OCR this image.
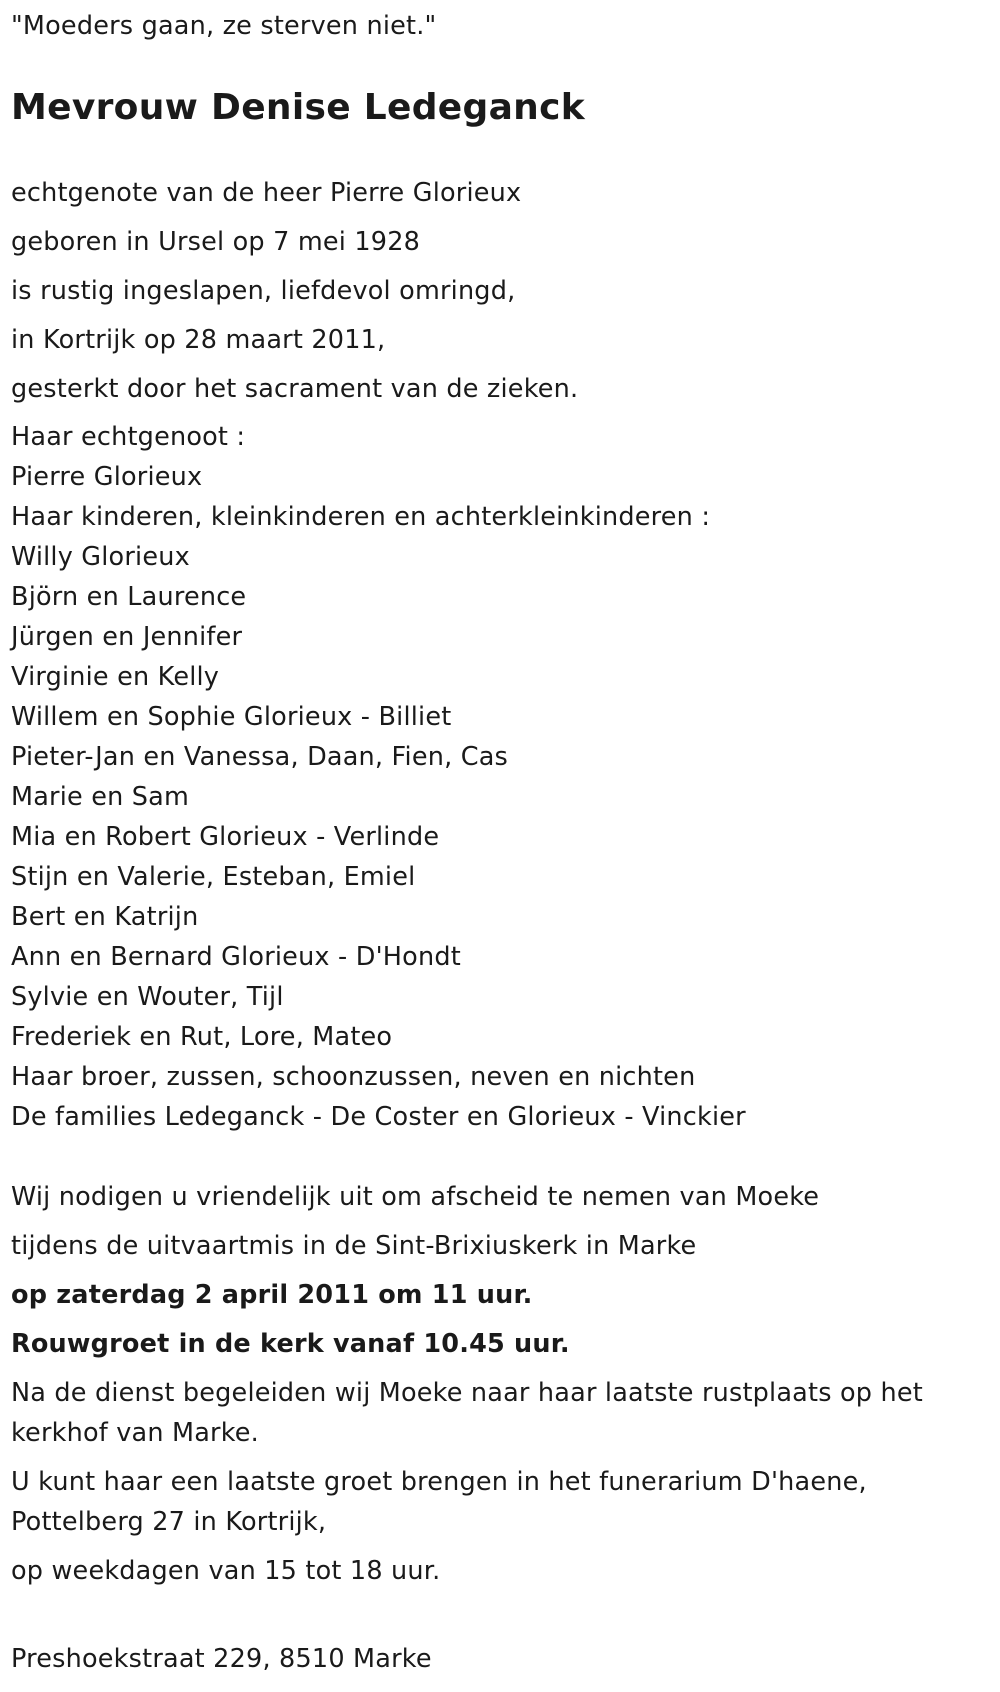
"Moeders gaan, ze sterven niet."
Mevrouw Denise Ledeganck

echtgenote van de heer Pierre Glorieux

geboren in Ursel op 7 mei 1928

is rustig ingeslapen, liefdevol omringd,

in Kortrijk op 28 maart 2011,

gesterkt door het sacrament van de zieken.

Haar echtgenoot :

Pierre Glorieux

Haar kinderen, kleinkinderen en achterkleinkinderen :

Willy Glorieux

Björn en Laurence

Jürgen en Jennifer

Virginie en Kelly

Willem en Sophie Glorieux - Billiet

Pieter-Jan en Vanessa, Daan, Fien, Cas

Marie en Sam

Mia en Robert Glorieux - Verlinde

Stijn en Valerie, Esteban, Emiel

Bert en Katrijn

Ann en Bernard Glorieux - D'Hondt

Sylvie en Wouter, Tijl

Frederiek en Rut, Lore, Mateo

Haar broer, zussen, schoonzussen, neven en nichten

De families Ledeganck - De Coster en Glorieux - Vinckier

Wij nodigen u vriendelijk uit om afscheid te nemen van Moeke

tijdens de uitvaartmis in de Sint-Brixiuskerk in Marke

op zaterdag 2 april 2011 om 11 uur.

Rouwgroet in de kerk vanaf 10.45 uur.

Na de dienst begeleiden wij Moeke naar haar laatste rustplaats op het kerkhof van Marke.

U kunt haar een laatste groet brengen in het funerarium D'haene, Pottelberg 27 in Kortrijk,

op weekdagen van 15 tot 18 uur.

Preshoekstraat 229, 8510 Marke
